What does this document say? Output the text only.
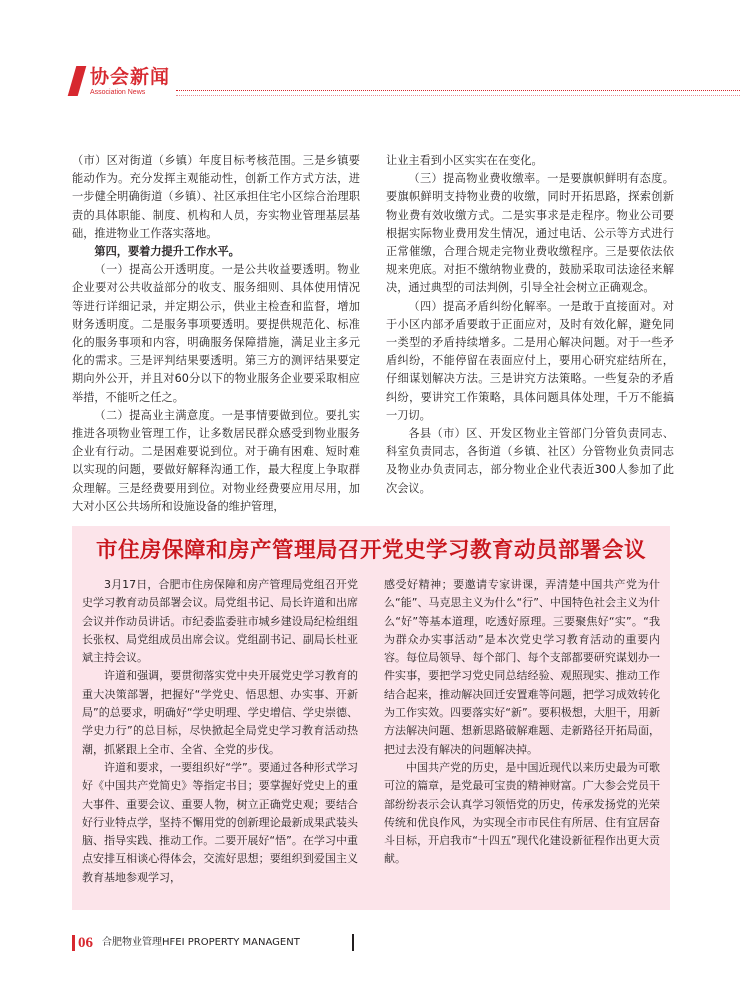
协会新闻
Association News

（市）区对街道（乡镇）年度目标考核范围。三是乡镇要能动作为。充分发挥主观能动性，创新工作方式方法，进一步健全明确街道（乡镇）、社区承担住宅小区综合治理职责的具体职能、制度、机构和人员，夯实物业管理基层基础，推进物业工作落实落地。

第四，要着力提升工作水平。

（一）提高公开透明度。一是公共收益要透明。物业企业要对公共收益部分的收支、服务细则、具体使用情况等进行详细记录，并定期公示，供业主检查和监督，增加财务透明度。二是服务事项要透明。要提供规范化、标准化的服务事项和内容，明确服务保障措施，满足业主多元化的需求。三是评判结果要透明。第三方的测评结果要定期向外公开，并且对60分以下的物业服务企业要采取相应举措，不能听之任之。

（二）提高业主满意度。一是事情要做到位。要扎实推进各项物业管理工作，让多数居民群众感受到物业服务企业有行动。二是困难要说到位。对于确有困难、短时难以实现的问题，要做好解释沟通工作，最大程度上争取群众理解。三是经费要用到位。对物业经费要应用尽用，加大对小区公共场所和设施设备的维护管理，

让业主看到小区实实在在变化。

（三）提高物业费收缴率。一是要旗帜鲜明有态度。要旗帜鲜明支持物业费的收缴，同时开拓思路，探索创新物业费有效收缴方式。二是实事求是走程序。物业公司要根据实际物业费用发生情况，通过电话、公示等方式进行正常催缴，合理合规走完物业费收缴程序。三是要依法依规来兜底。对拒不缴纳物业费的，鼓励采取司法途径来解决，通过典型的司法判例，引导全社会树立正确观念。

（四）提高矛盾纠纷化解率。一是敢于直接面对。对于小区内部矛盾要敢于正面应对，及时有效化解，避免同一类型的矛盾持续增多。二是用心解决问题。对于一些矛盾纠纷，不能停留在表面应付上，要用心研究症结所在，仔细谋划解决方法。三是讲究方法策略。一些复杂的矛盾纠纷，要讲究工作策略，具体问题具体处理，千万不能搞一刀切。

各县（市）区、开发区物业主管部门分管负责同志、科室负责同志，各街道（乡镇、社区）分管物业负责同志及物业办负责同志，部分物业企业代表近300人参加了此次会议。

市住房保障和房产管理局召开党史学习教育动员部署会议

3月17日，合肥市住房保障和房产管理局党组召开党史学习教育动员部署会议。局党组书记、局长许道和出席会议并作动员讲话。市纪委监委驻市城乡建设局纪检组组长张权、局党组成员出席会议。党组副书记、副局长杜亚斌主持会议。

许道和强调，要贯彻落实党中央开展党史学习教育的重大决策部署，把握好“学党史、悟思想、办实事、开新局”的总要求，明确好“学史明理、学史增信、学史崇德、学史力行”的总目标，尽快掀起全局党史学习教育活动热潮，抓紧跟上全市、全省、全党的步伐。

许道和要求，一要组织好“学”。要通过各种形式学习好《中国共产党简史》等指定书目；要掌握好党史上的重大事件、重要会议、重要人物，树立正确党史观；要结合好行业特点学，坚持不懈用党的创新理论最新成果武装头脑、指导实践、推动工作。二要开展好“悟”。在学习中重点安排互相谈心得体会，交流好思想；要组织到爱国主义教育基地参观学习，

感受好精神；要邀请专家讲课，弄清楚中国共产党为什么“能”、马克思主义为什么“行”、中国特色社会主义为什么“好”等基本道理，吃透好原理。三要聚焦好“实”。“我为群众办实事活动”是本次党史学习教育活动的重要内容。每位局领导、每个部门、每个支部都要研究谋划办一件实事，要把学习党史同总结经验、观照现实、推动工作结合起来，推动解决回迁安置难等问题，把学习成效转化为工作实效。四要落实好“新”。要积极想，大胆干，用新方法解决问题、想新思路破解难题、走新路径开拓局面，把过去没有解决的问题解决掉。

中国共产党的历史，是中国近现代以来历史最为可歌可泣的篇章，是党最可宝贵的精神财富。广大参会党员干部纷纷表示会认真学习领悟党的历史，传承发扬党的光荣传统和优良作风，为实现全市市民住有所居、住有宜居奋斗目标，开启我市“十四五”现代化建设新征程作出更大贡献。

06 合肥物业管理HFEI PROPERTY MANAGENT
